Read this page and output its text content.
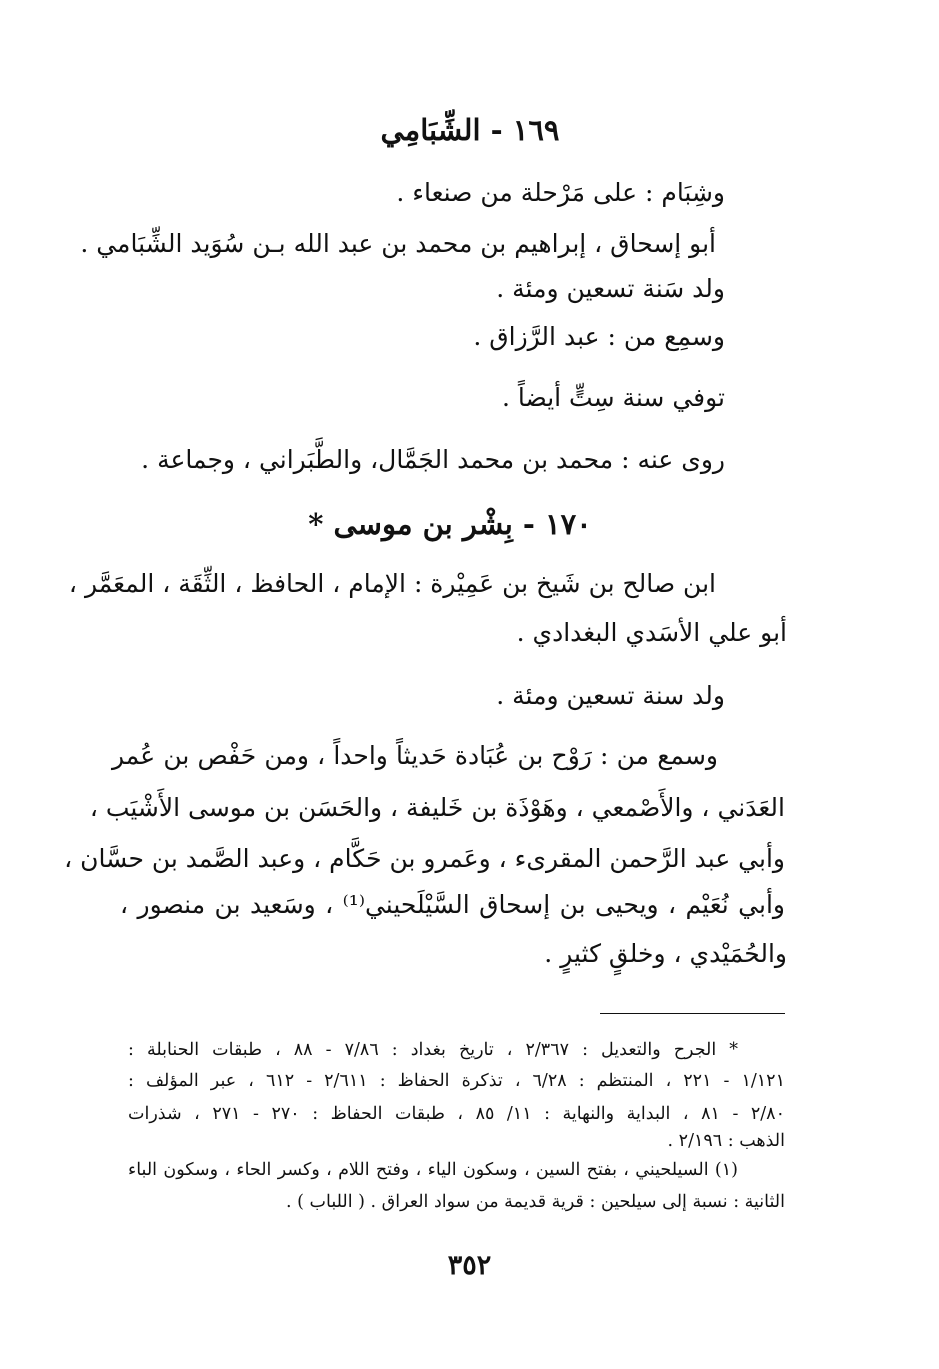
١٦٩ - الشِّبَامِي
وشِبَام : على مَرْحلة من صنعاء .
أبو إسحاق ، إبراهيم بن محمد بن عبد الله بـن سُوَيد الشِّبَامي .
ولد سَنة تسعين ومئة .
وسمِع من : عبد الرَّزاق .
توفي سنة سِتٍّ أيضاً .
روى عنه : محمد بن محمد الجَمَّال، والطَّبَراني ، وجماعة .
١٧٠ - بِشْر بن موسى *
ابن صالح بن شَيخ بن عَمِيْرة : الإمام ، الحافظ ، الثِّقَة ، المعَمَّر ،
أبو علي الأسَدي البغدادي .
ولد سنة تسعين ومئة .
وسمع من : رَوْح بن عُبَادة حَديثاً واحداً ، ومن حَفْص بن عُمر
العَدَني ، والأَصْمعي ، وهَوْذَة بن خَليفة ، والحَسَن بن موسى الأَشْيَب ،
وأبي عبد الرَّحمن المقرىء ، وعَمرو بن حَكَّام ، وعبد الصَّمد بن حسَّان ،
وأبي نُعَيْم ، ويحيى بن إسحاق السَّيْلَحيني⁽¹⁾ ، وسَعيد بن منصور ،
والحُمَيْدي ، وخلقٍ كثيرٍ .
* الجرح والتعديل : ٢/٣٦٧ ، تاريخ بغداد : ٧/٨٦ - ٨٨ ، طبقات الحنابلة :
١/١٢١ - ٢٢١ ، المنتظم : ٦/٢٨ ، تذكرة الحفاظ : ٢/٦١١ - ٦١٢ ، عبر المؤلف :
٢/٨٠ - ٨١ ، البداية والنهاية : ١١/ ٨٥ ، طبقات الحفاظ : ٢٧٠ - ٢٧١ ، شذرات
الذهب : ٢/١٩٦ .
(١) السيلحيني ، بفتح السين ، وسكون الياء ، وفتح اللام ، وكسر الحاء ، وسكون الباء
الثانية : نسبة إلى سيلحين : قرية قديمة من سواد العراق . ( اللباب ) .
٣٥٢
